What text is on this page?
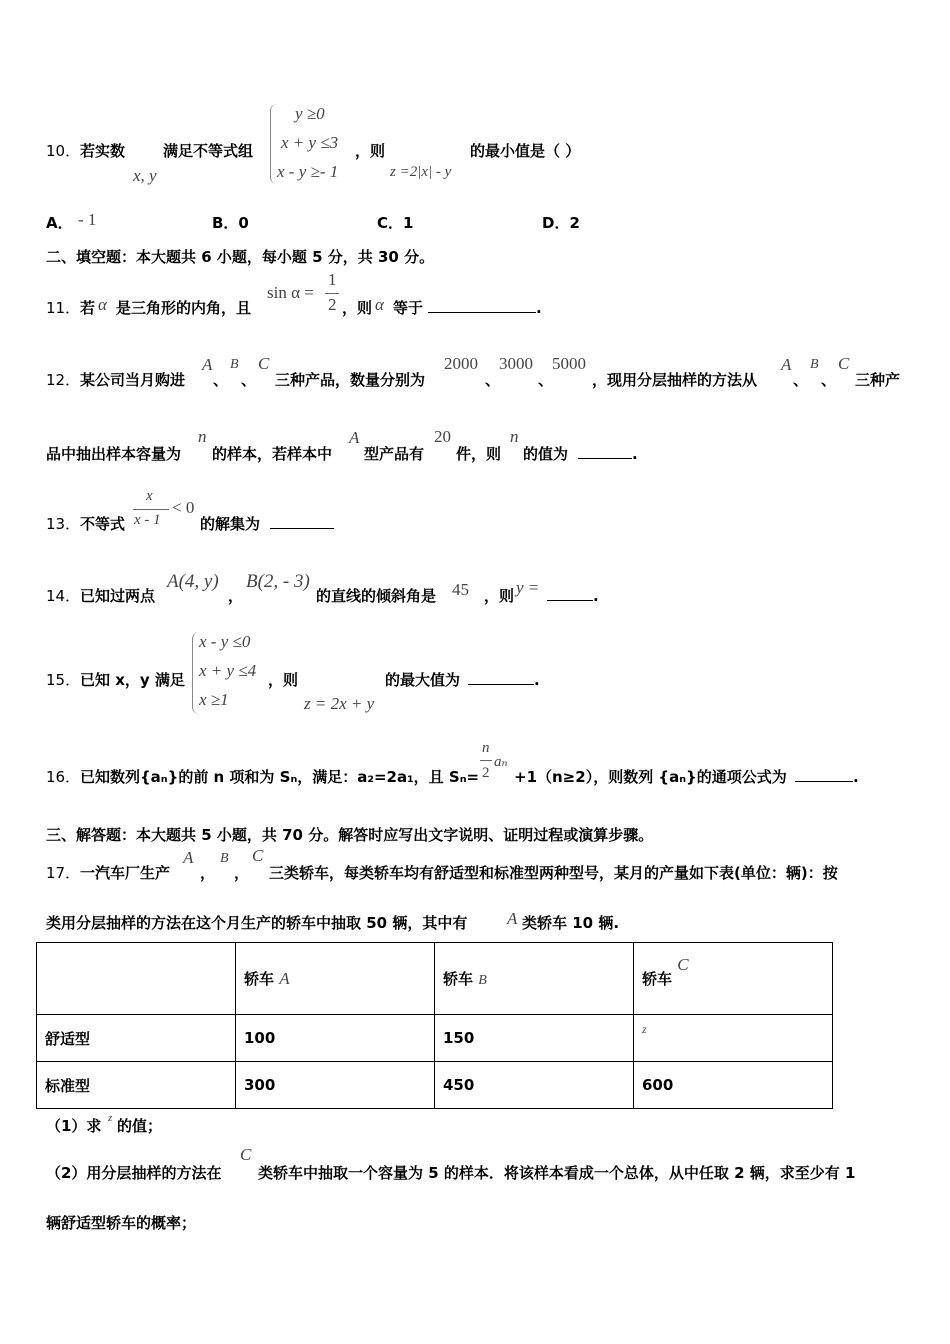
10． 若实数
x, y
满足不等式组
y ≥0
x + y ≤3
x - y ≥- 1
，则
z =2|x| - y
的最小值是（ ）
A． - 1	B．0	C．1	D．2
二、填空题：本大题共 6 小题，每小题 5 分，共 30 分。
11． 若 α 是三角形的内角，且
sin α =
1
2 ，则 α 等于	.
12． 某公司当月购进
A
、
B
、
C
三种产品，数量分别为
2000
、
3000
、
5000
，现用分层抽样的方法从
A
、
B
、
C
三种产
品中抽出样本容量为
n
的样本，若样本中
A
型产品有
20
件，则
n
的值为	.
13． 不等式
x
x - 1
< 0
的解集为
14． 已知过两点
A(4, y)
，
B(2, - 3)
的直线的倾斜角是 45 ，则 y =	.
15． 已知 x，y 满足
x - y ≤0
x + y ≤4
x ≥1
，则
z = 2x + y
的最大值为	.
16． 已知数列{aₙ}的前 n 项和为 Sₙ，满足：a₂=2a₁，且 Sₙ=
n
2
aₙ
+1（n≥2），则数列 {aₙ}的通项公式为	.
三、解答题：本大题共 5 小题，共 70 分。解答时应写出文字说明、证明过程或演算步骤。
17． 一汽车厂生产
A
，
B
，
C
三类轿车，每类轿车均有舒适型和标准型两种型号，某月的产量如下表(单位：辆)：按
类用分层抽样的方法在这个月生产的轿车中抽取 50 辆，其中有 A 类轿车 10 辆.
	轿车 A	轿车 B	轿车 C
舒适型	100	150	$^z$
标准型	300	450	600
（1）求 z 的值；
（2）用分层抽样的方法在
C
类轿车中抽取一个容量为 5 的样本．将该样本看成一个总体，从中任取 2 辆，求至少有 1
辆舒适型轿车的概率；
